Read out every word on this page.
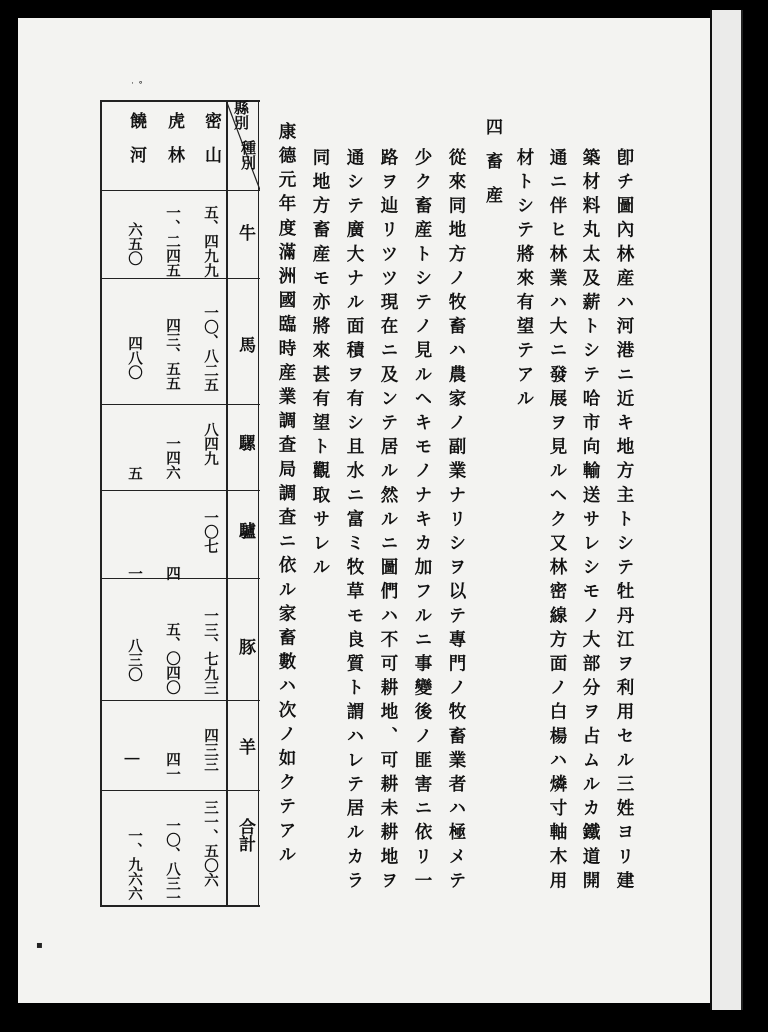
卽チ圖內林産ハ河港ニ近キ地方主トシテ牡丹江ヲ利用セル三姓ヨリ建
築材料丸太及薪トシテ哈市向輸送サレシモノ大部分ヲ占ムルカ鐵道開
通ニ伴ヒ林業ハ大ニ發展ヲ見ルヘク又林密線方面ノ白楊ハ燐寸軸木用
材トシテ將來有望テアル
四　畜　産
從來同地方ノ牧畜ハ農家ノ副業ナリシヲ以テ專門ノ牧畜業者ハ極メテ
少ク畜産トシテノ見ルヘキモノナキカ加フルニ事變後ノ匪害ニ依リ一
路ヲ辿リツツ現在ニ及ンテ居ル然ルニ圖們ハ不可耕地、可耕未耕地ヲ
通シテ廣大ナル面積ヲ有シ且水ニ富ミ牧草モ良質ト謂ハレテ居ルカラ
同地方畜産モ亦將來甚有望ト觀取サレル
康德元年度滿洲國臨時産業調査局調査ニ依ル家畜數ハ次ノ如クテアル
種別
縣別
牛
馬
騾
驢
豚
羊
合計
密　山
虎　林
饒　河
五、四九九
一〇、八二五
八四九
一〇七
一三、七九三
四三三
三一、五〇六
一、二四五
四三、五五
一四六
四
五、〇四〇
四一
一〇、八三一
六五〇
四八〇
五
一
八三〇
|
一、九六六
˙ ˚
▪
